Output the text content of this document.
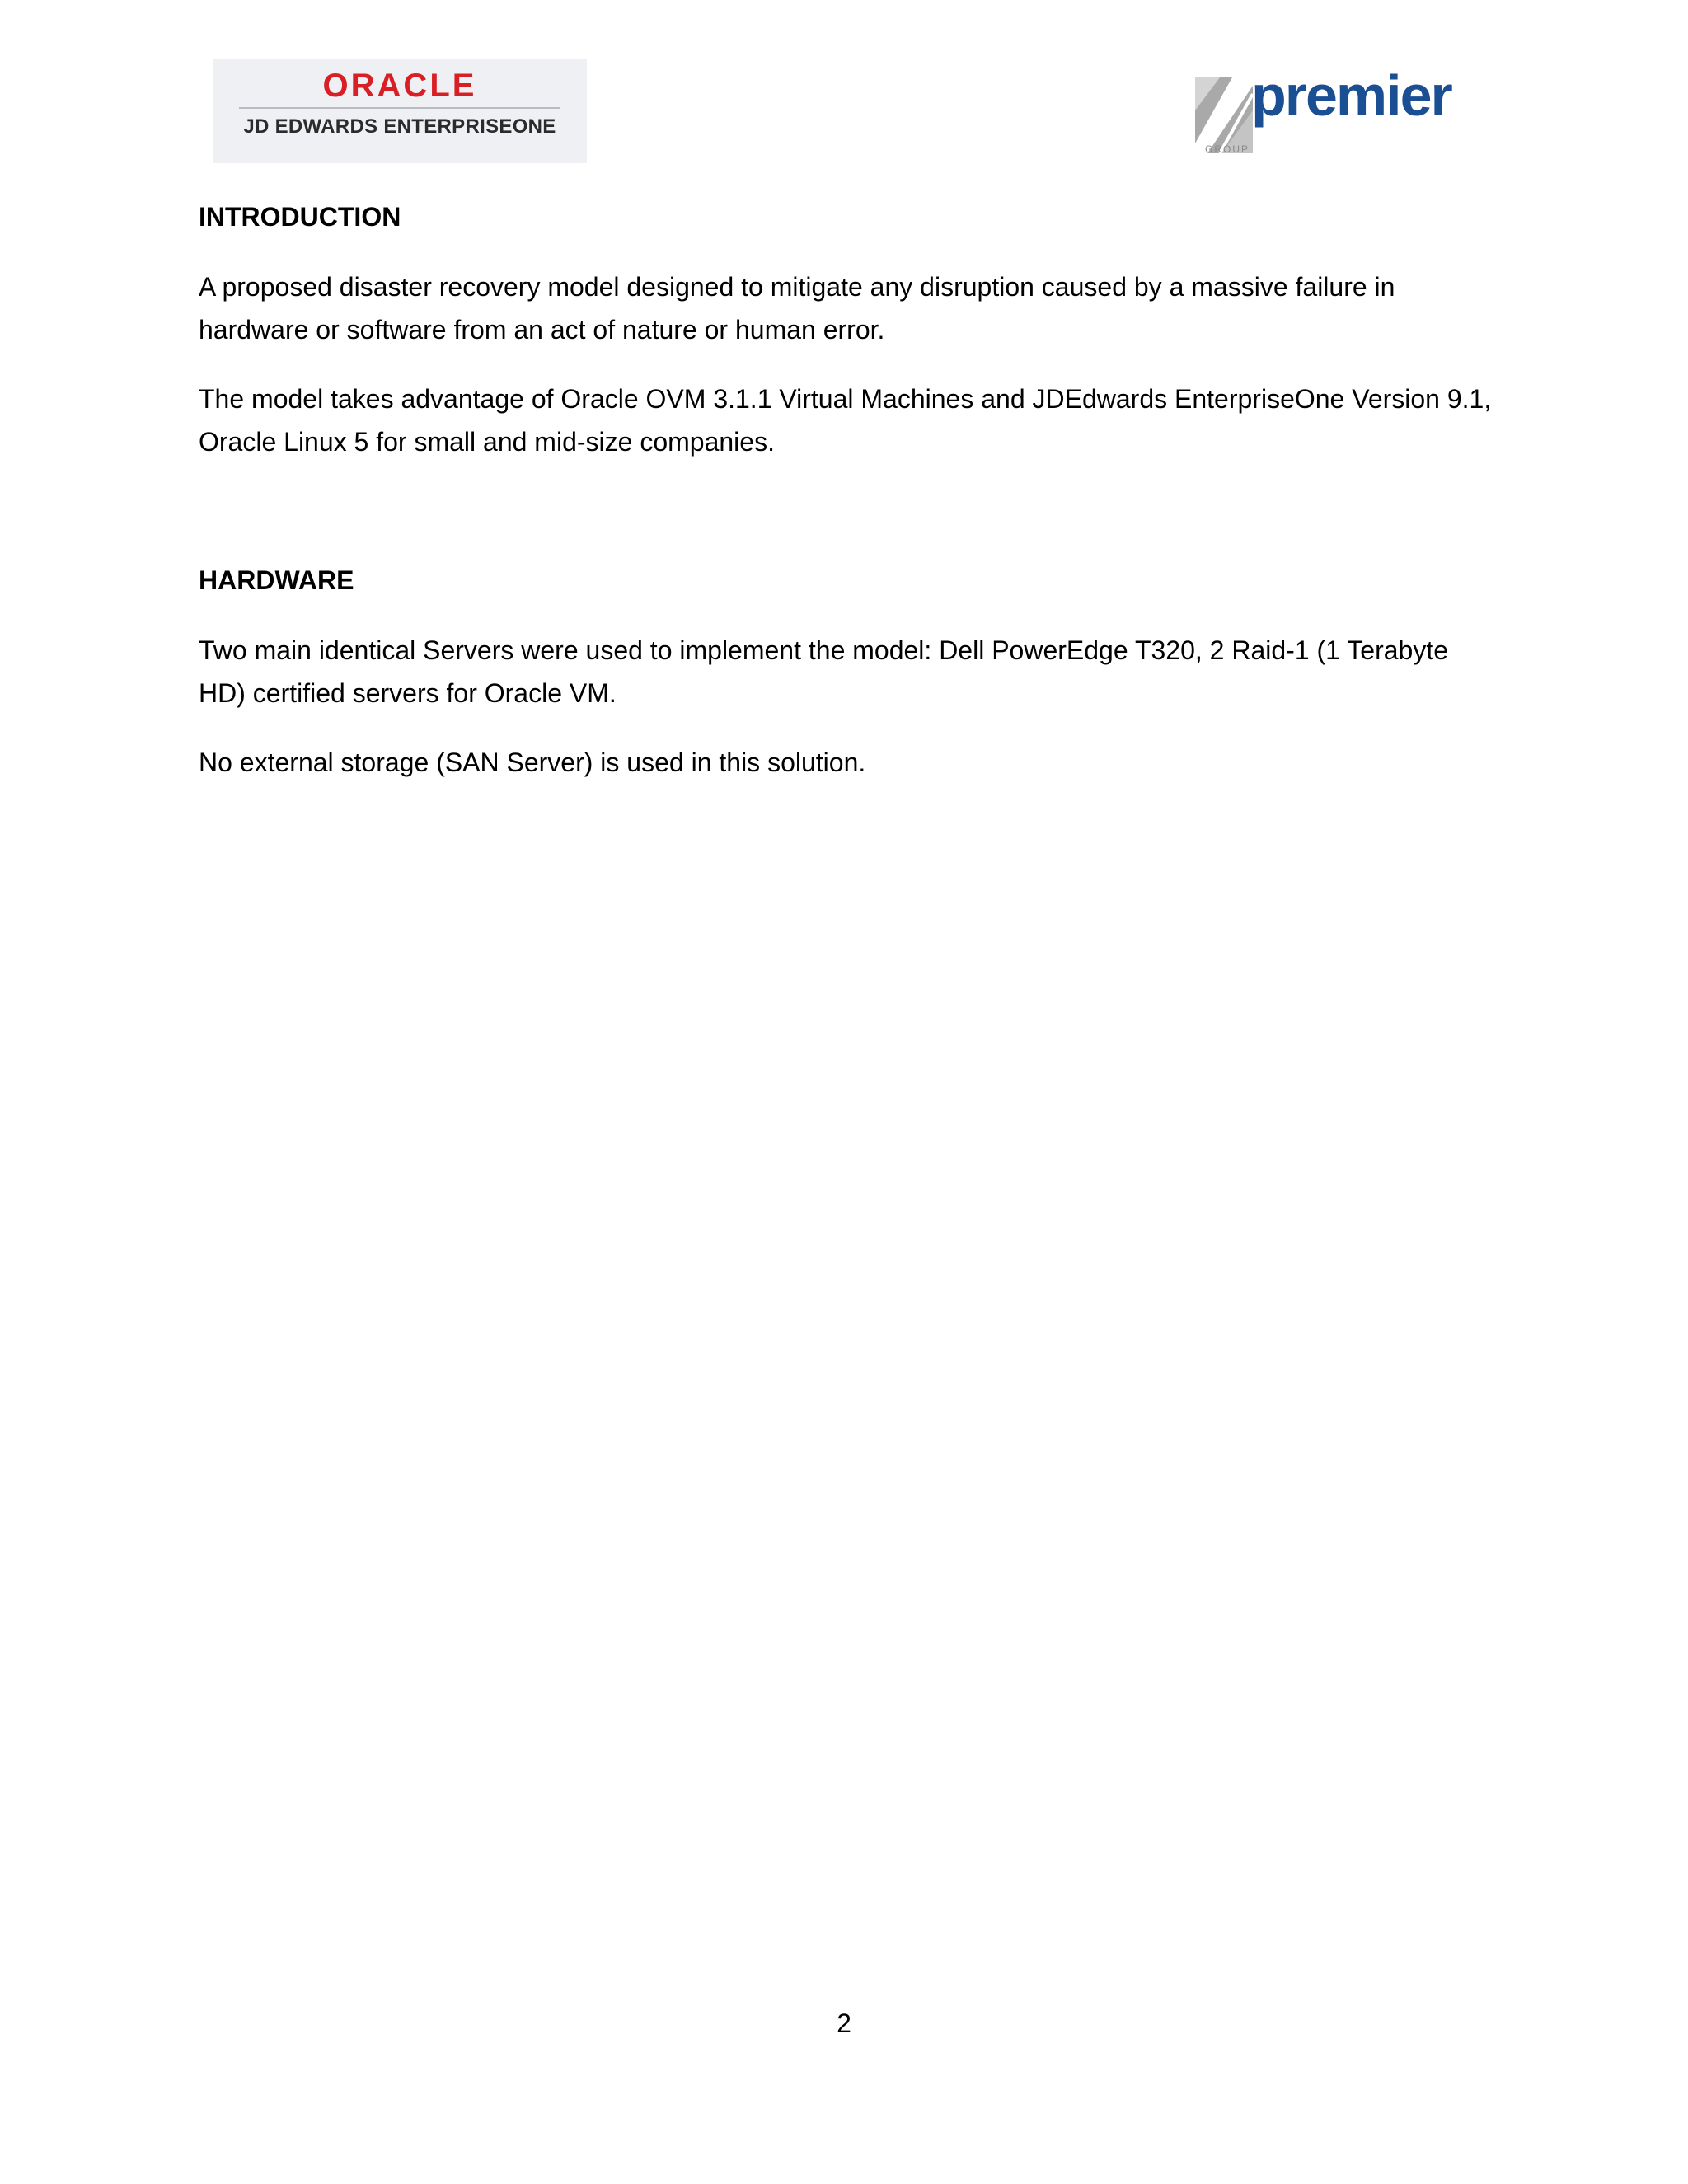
ORACLE
JD EDWARDS ENTERPRISEONE	premier
GROUP
INTRODUCTION

A proposed disaster recovery model designed to mitigate any disruption caused by a massive failure in hardware or software from an act of nature or human error.

The model takes advantage of Oracle OVM 3.1.1 Virtual Machines and JDEdwards EnterpriseOne Version 9.1, Oracle Linux 5 for small and mid-size companies.

HARDWARE

Two main identical Servers were used to implement the model: Dell PowerEdge T320, 2 Raid-1 (1 Terabyte HD) certified servers for Oracle VM.

No external storage (SAN Server) is used in this solution.

2
